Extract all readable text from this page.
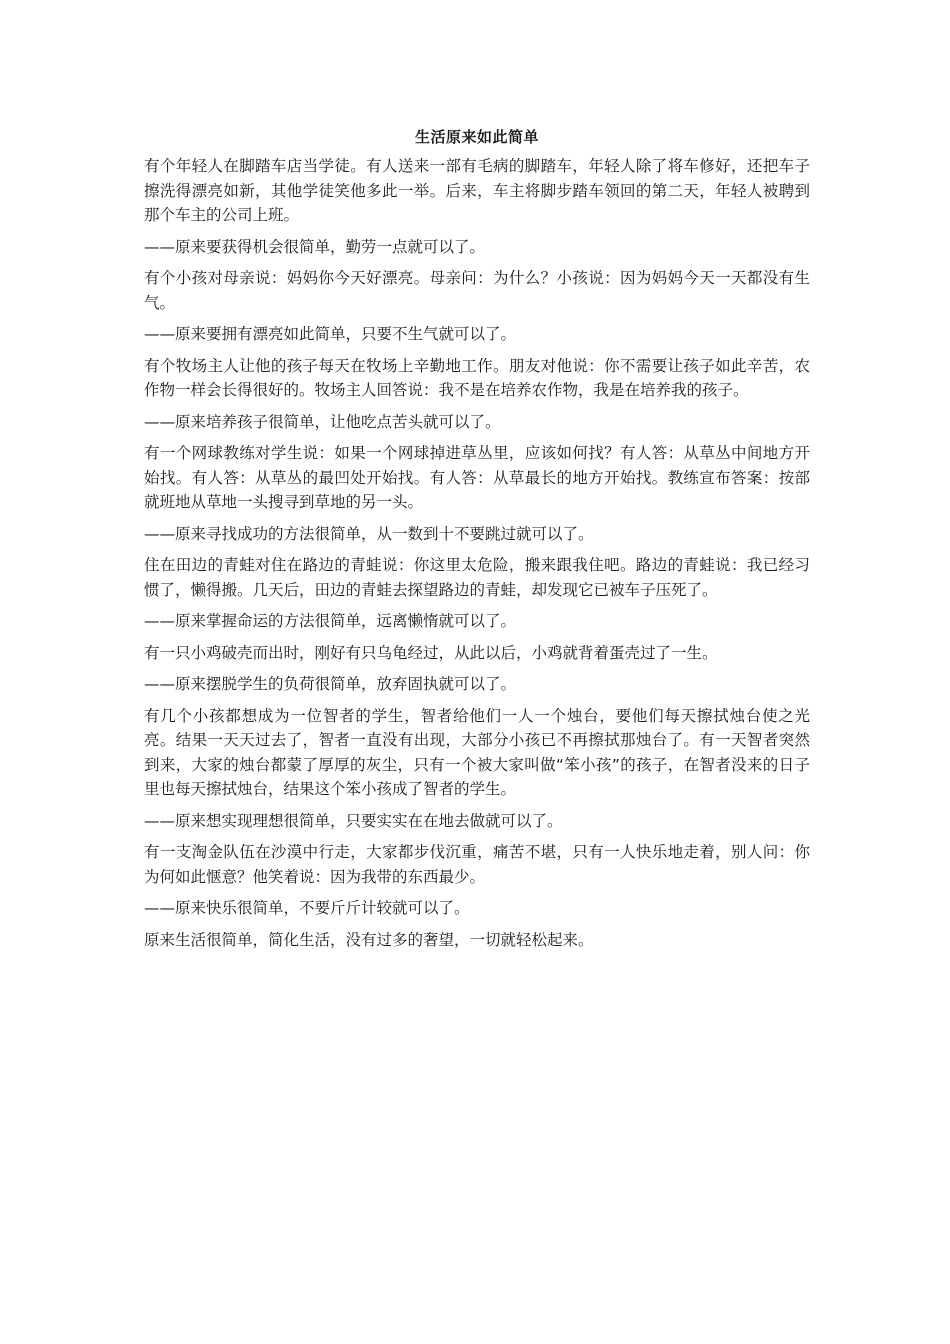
生活原来如此简单

有个年轻人在脚踏车店当学徒。有人送来一部有毛病的脚踏车，年轻人除了将车修好，还把车子擦洗得漂亮如新，其他学徒笑他多此一举。后来，车主将脚步踏车领回的第二天，年轻人被聘到那个车主的公司上班。

——原来要获得机会很简单，勤劳一点就可以了。

有个小孩对母亲说：妈妈你今天好漂亮。母亲问：为什么？小孩说：因为妈妈今天一天都没有生气。

——原来要拥有漂亮如此简单，只要不生气就可以了。

有个牧场主人让他的孩子每天在牧场上辛勤地工作。朋友对他说：你不需要让孩子如此辛苦，农作物一样会长得很好的。牧场主人回答说：我不是在培养农作物，我是在培养我的孩子。

——原来培养孩子很简单，让他吃点苦头就可以了。

有一个网球教练对学生说：如果一个网球掉进草丛里，应该如何找？有人答：从草丛中间地方开始找。有人答：从草丛的最凹处开始找。有人答：从草最长的地方开始找。教练宣布答案：按部就班地从草地一头搜寻到草地的另一头。

——原来寻找成功的方法很简单，从一数到十不要跳过就可以了。

住在田边的青蛙对住在路边的青蛙说：你这里太危险，搬来跟我住吧。路边的青蛙说：我已经习惯了，懒得搬。几天后，田边的青蛙去探望路边的青蛙，却发现它已被车子压死了。

——原来掌握命运的方法很简单，远离懒惰就可以了。

有一只小鸡破壳而出时，刚好有只乌龟经过，从此以后，小鸡就背着蛋壳过了一生。

——原来摆脱学生的负荷很简单，放弃固执就可以了。

有几个小孩都想成为一位智者的学生，智者给他们一人一个烛台，要他们每天擦拭烛台使之光亮。结果一天天过去了，智者一直没有出现，大部分小孩已不再擦拭那烛台了。有一天智者突然到来，大家的烛台都蒙了厚厚的灰尘，只有一个被大家叫做“笨小孩”的孩子，在智者没来的日子里也每天擦拭烛台，结果这个笨小孩成了智者的学生。

——原来想实现理想很简单，只要实实在在地去做就可以了。

有一支淘金队伍在沙漠中行走，大家都步伐沉重，痛苦不堪，只有一人快乐地走着，别人问：你为何如此惬意？他笑着说：因为我带的东西最少。

——原来快乐很简单，不要斤斤计较就可以了。

原来生活很简单，简化生活，没有过多的奢望，一切就轻松起来。
